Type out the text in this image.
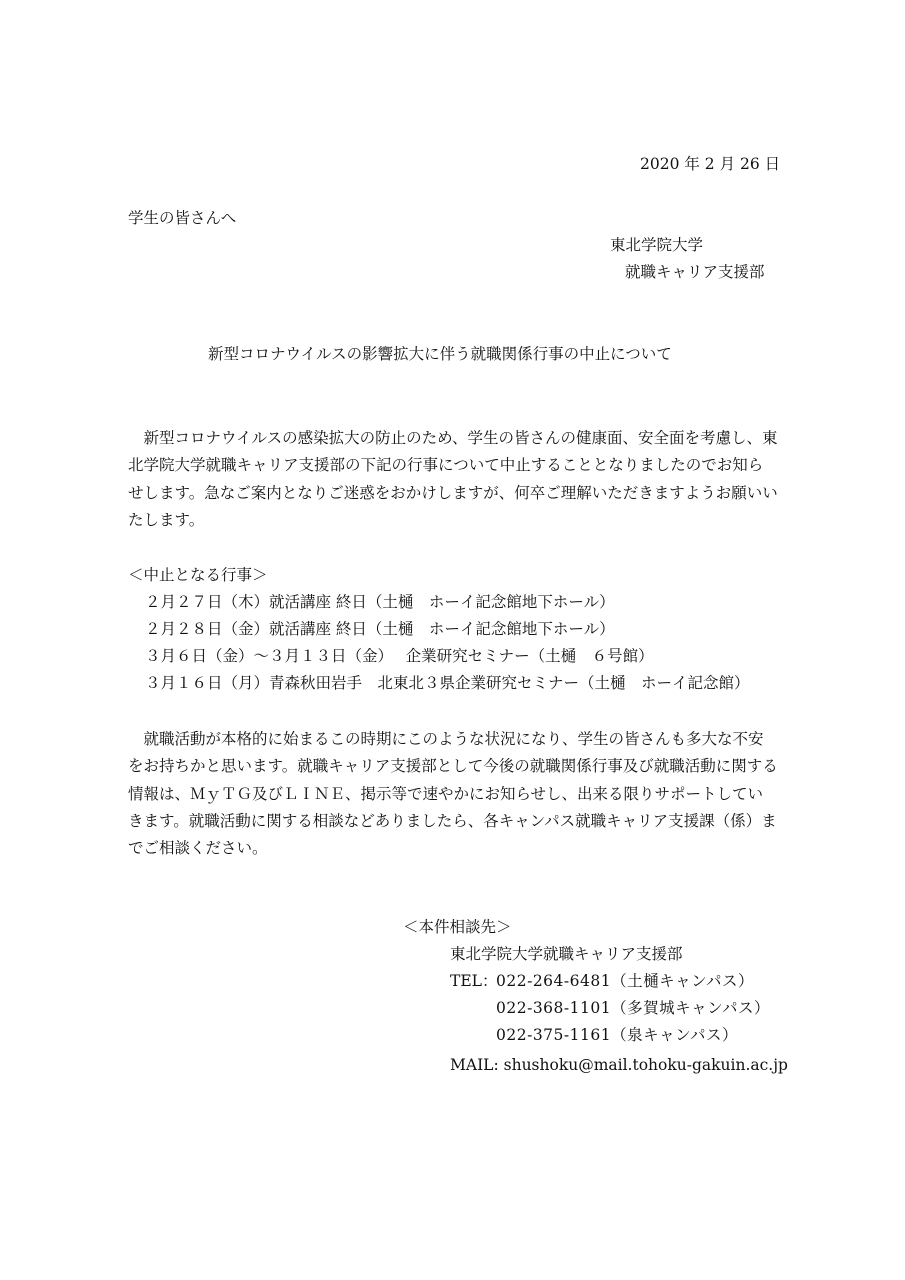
2020 年 2 月 26 日
学生の皆さんへ
東北学院大学
就職キャリア支援部
新型コロナウイルスの影響拡大に伴う就職関係行事の中止について

新型コロナウイルスの感染拡大の防止のため、学生の皆さんの健康面、安全面を考慮し、東北学院大学就職キャリア支援部の下記の行事について中止することとなりましたのでお知らせします。急なご案内となりご迷惑をおかけしますが、何卒ご理解いただきますようお願いいたします。

＜中止となる行事＞
２月２７日（木）就活講座 終日（土樋　ホーイ記念館地下ホール）
２月２８日（金）就活講座 終日（土樋　ホーイ記念館地下ホール）
３月６日（金）～３月１３日（金）　 企業研究セミナー（土樋　６号館）
３月１６日（月）青森秋田岩手　北東北３県企業研究セミナー（土樋　ホーイ記念館）

就職活動が本格的に始まるこの時期にこのような状況になり、学生の皆さんも多大な不安をお持ちかと思います。就職キャリア支援部として今後の就職関係行事及び就職活動に関する情報は、ＭｙＴＧ及びＬＩＮＥ、掲示等で速やかにお知らせし、出来る限りサポートしていきます。就職活動に関する相談などありましたら、各キャンパス就職キャリア支援課（係）までご相談ください。

＜本件相談先＞
東北学院大学就職キャリア支援部
TEL：
022-264-6481（土樋キャンパス）
022-368-1101（多賀城キャンパス）
022-375-1161（泉キャンパス）
MAIL: shushoku@mail.tohoku-gakuin.ac.jp
